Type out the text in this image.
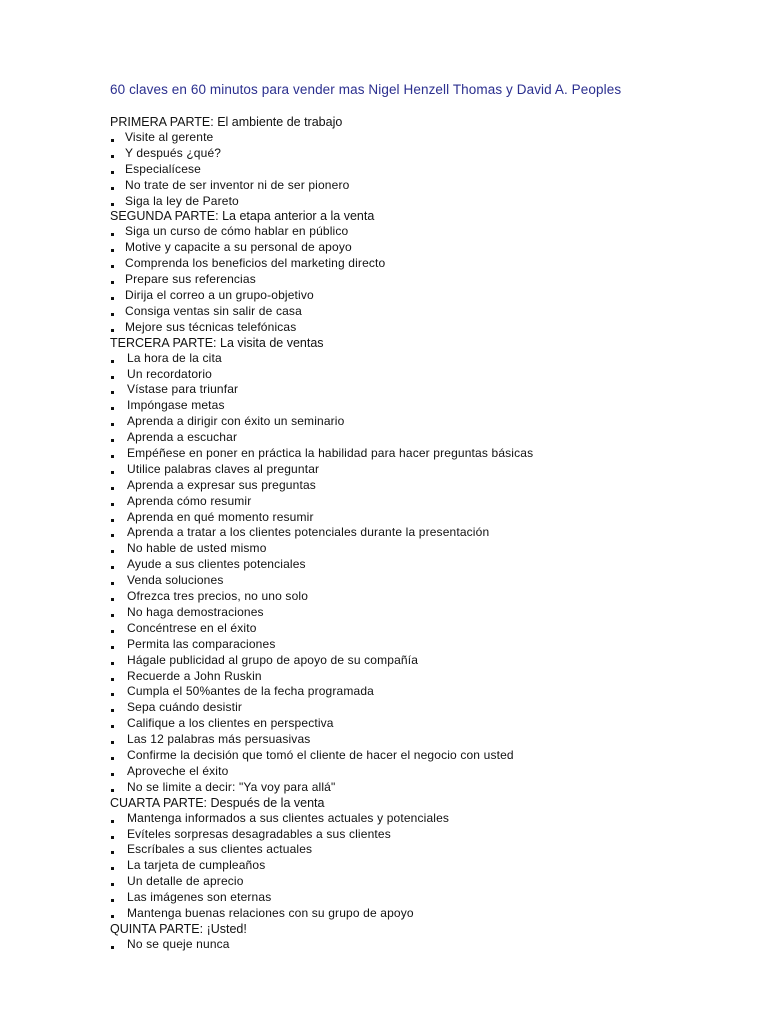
60 claves en 60 minutos para vender mas Nigel Henzell Thomas y David A. Peoples
PRIMERA PARTE: El ambiente de trabajo
Visite al gerente
Y después ¿qué?
Especialícese
No trate de ser inventor ni de ser pionero
Siga la ley de Pareto
SEGUNDA PARTE: La etapa anterior a la venta
Siga un curso de cómo hablar en público
Motive y capacite a su personal de apoyo
Comprenda los beneficios del marketing directo
Prepare sus referencias
Dirija el correo a un grupo-objetivo
Consiga ventas sin salir de casa
Mejore sus técnicas telefónicas
TERCERA PARTE: La visita de ventas
La hora de la cita
Un recordatorio
Vístase para triunfar
Impóngase metas
Aprenda a dirigir con éxito un seminario
Aprenda a escuchar
Empéñese en poner en práctica la habilidad para hacer preguntas básicas
Utilice palabras claves al preguntar
Aprenda a expresar sus preguntas
Aprenda cómo resumir
Aprenda en qué momento resumir
Aprenda a tratar a los clientes potenciales durante la presentación
No hable de usted mismo
Ayude a sus clientes potenciales
Venda soluciones
Ofrezca tres precios, no uno solo
No haga demostraciones
Concéntrese en el éxito
Permita las comparaciones
Hágale publicidad al grupo de apoyo de su compañía
Recuerde a John Ruskin
Cumpla el 50%antes de la fecha programada
Sepa cuándo desistir
Califique a los clientes en perspectiva
Las 12 palabras más persuasivas
Confirme la decisión que tomó el cliente de hacer el negocio con usted
Aproveche el éxito
No se limite a decir: "Ya voy para allá"
CUARTA PARTE: Después de la venta
Mantenga informados a sus clientes actuales y potenciales
Evíteles sorpresas desagradables a sus clientes
Escríbales a sus clientes actuales
La tarjeta de cumpleaños
Un detalle de aprecio
Las imágenes son eternas
Mantenga buenas relaciones con su grupo de apoyo
QUINTA PARTE: ¡Usted!
No se queje nunca
